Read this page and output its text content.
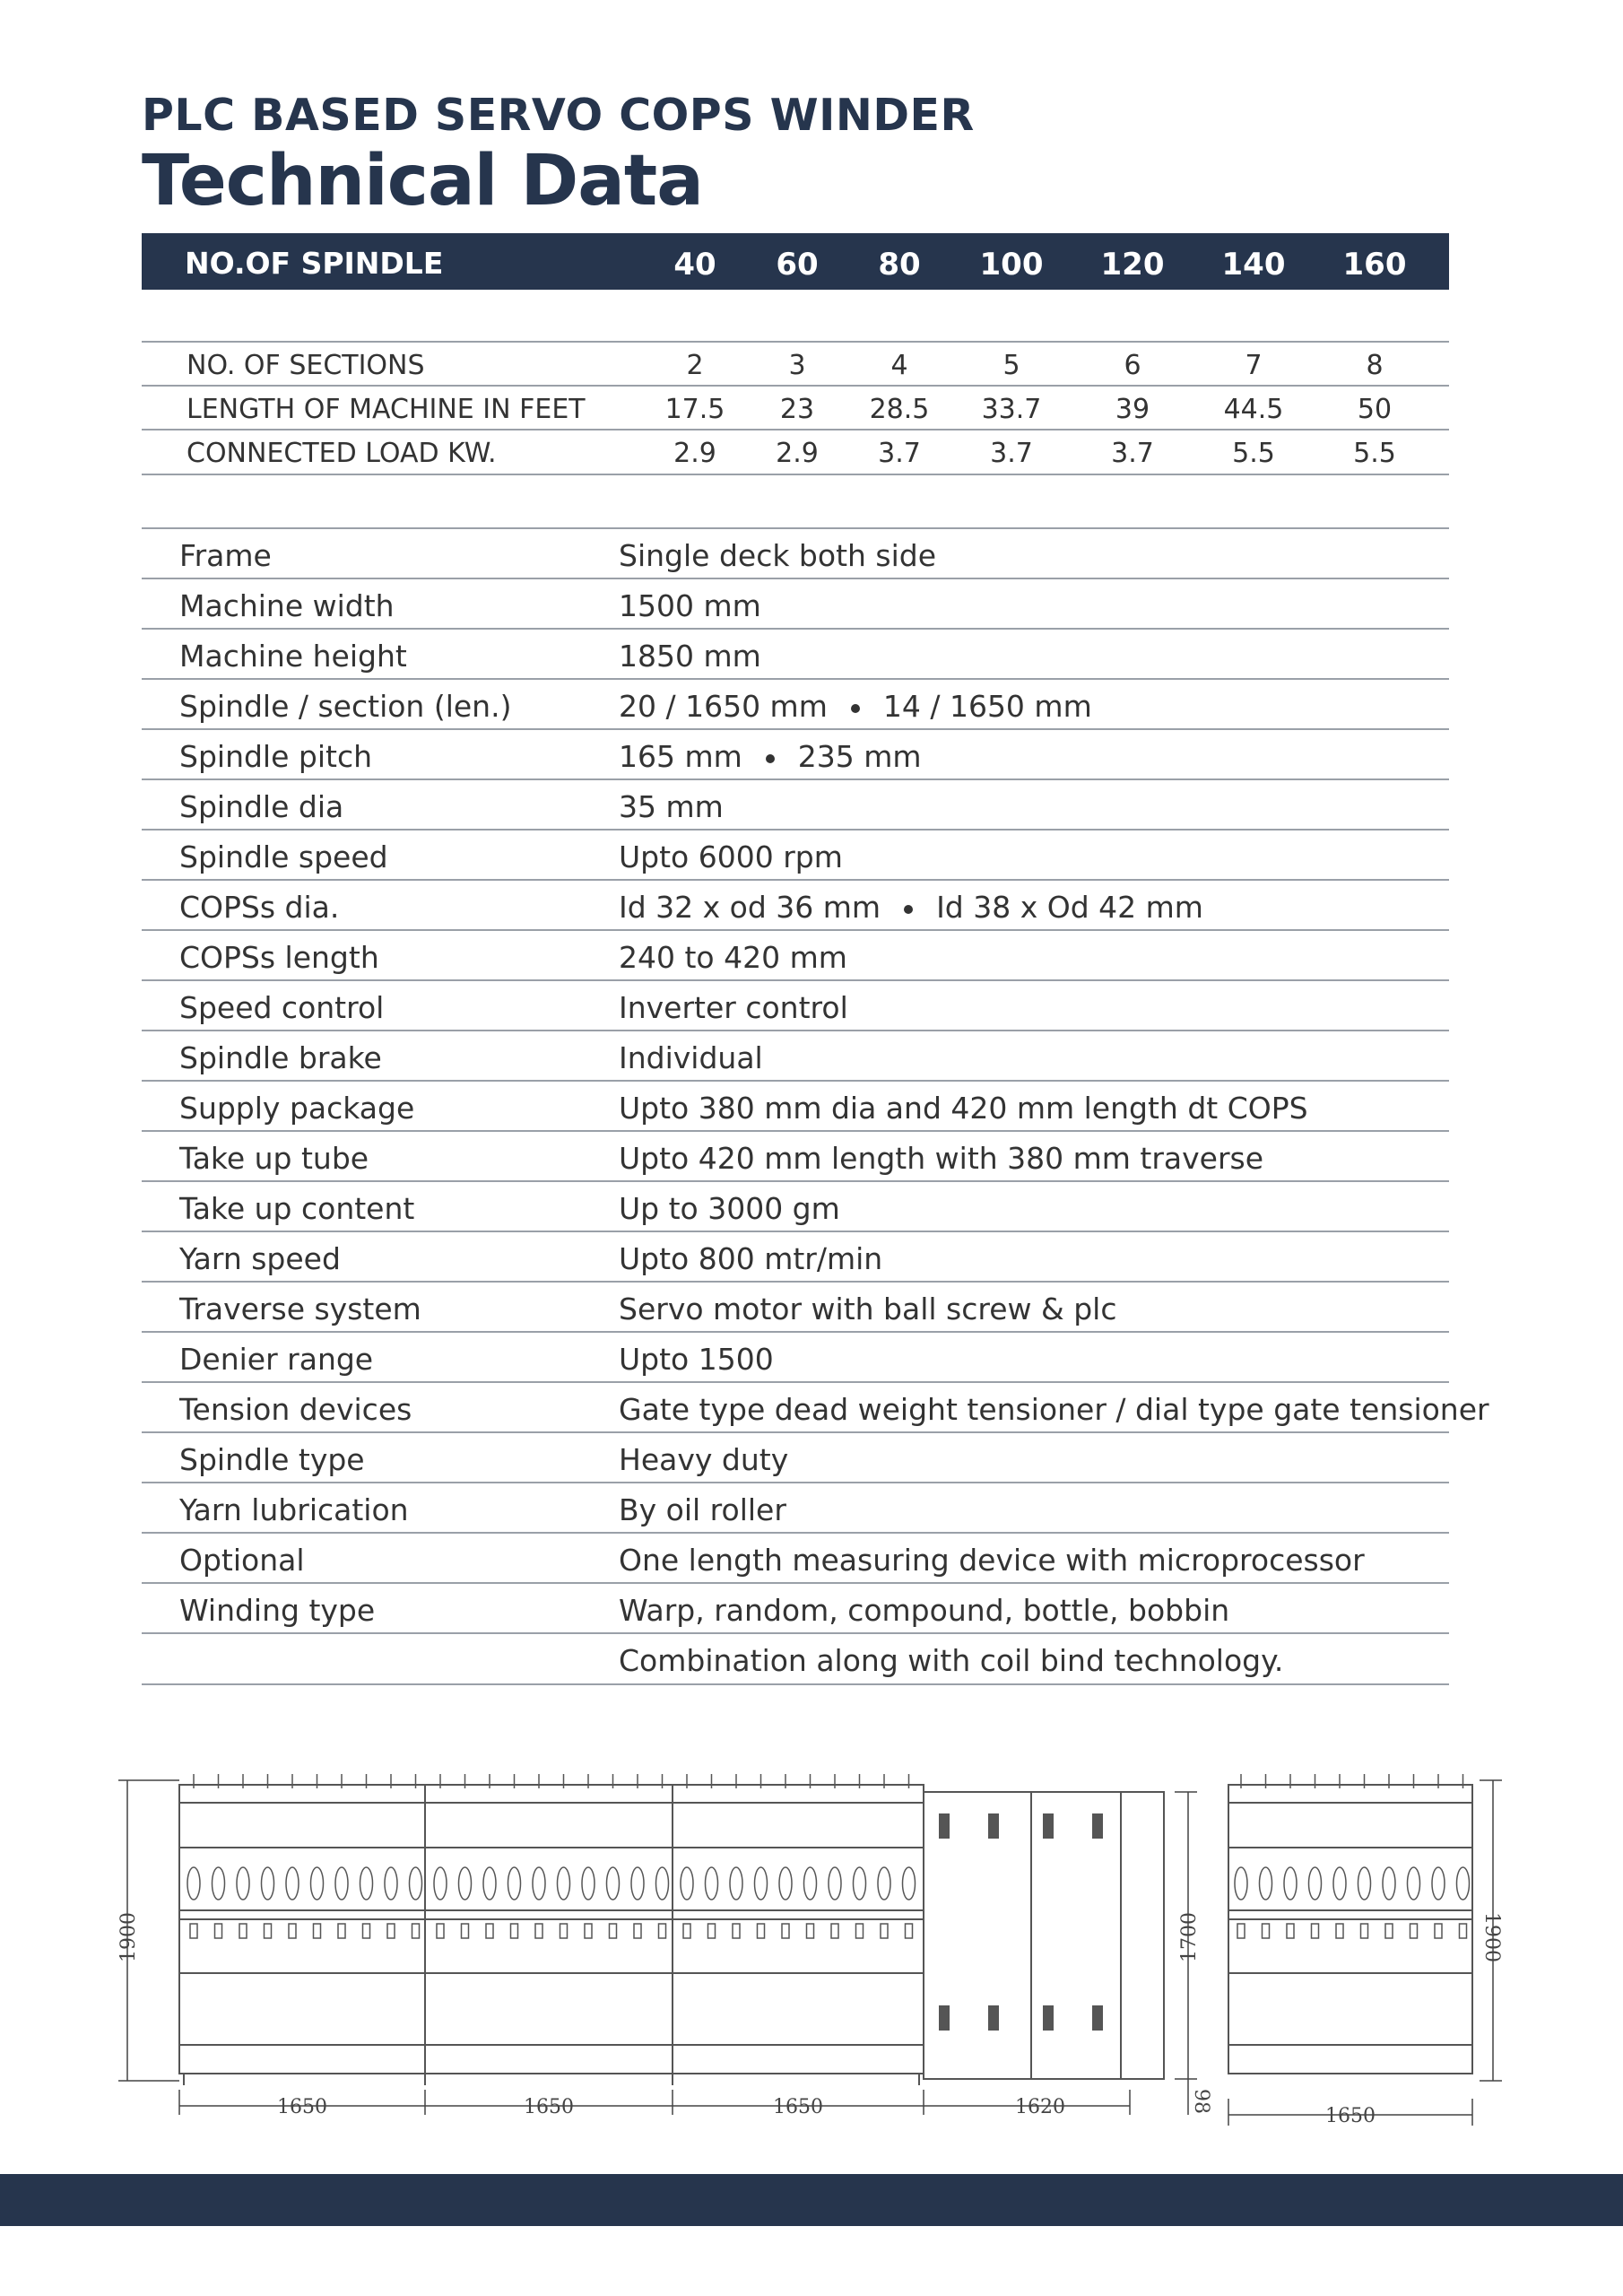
PLC BASED SERVO COPS WINDER
Technical Data
NO.OF SPINDLE	40	60	80	100	120	140	160
NO. OF SECTIONS	2	3	4	5	6	7	8
LENGTH OF MACHINE IN FEET	17.5	23	28.5	33.7	39	44.5	50
CONNECTED LOAD KW.	2.9	2.9	3.7	3.7	3.7	5.5	5.5
Frame	Single deck both side
Machine width	1500 mm
Machine height	1850 mm
Spindle / section (len.)	20 / 1650 mm 14 / 1650 mm
Spindle pitch	165 mm 235 mm
Spindle dia	35 mm
Spindle speed	Upto 6000 rpm
COPSs dia.	Id 32 x od 36 mm Id 38 x Od 42 mm
COPSs length	240 to 420 mm
Speed control	Inverter control
Spindle brake	Individual
Supply package	Upto 380 mm dia and 420 mm length dt COPS
Take up tube	Upto 420 mm length with 380 mm traverse
Take up content	Up to 3000 gm
Yarn speed	Upto 800 mtr/min
Traverse system	Servo motor with ball screw & plc
Denier range	Upto 1500
Tension devices	Gate type dead weight tensioner / dial type gate tensioner
Spindle type	Heavy duty
Yarn lubrication	By oil roller
Optional	One length measuring device with microprocessor
Winding type	Warp, random, compound, bottle, bobbin
Combination along with coil bind technology.
1900
1650	1650	1650	1620
1700
98
1650
1900
